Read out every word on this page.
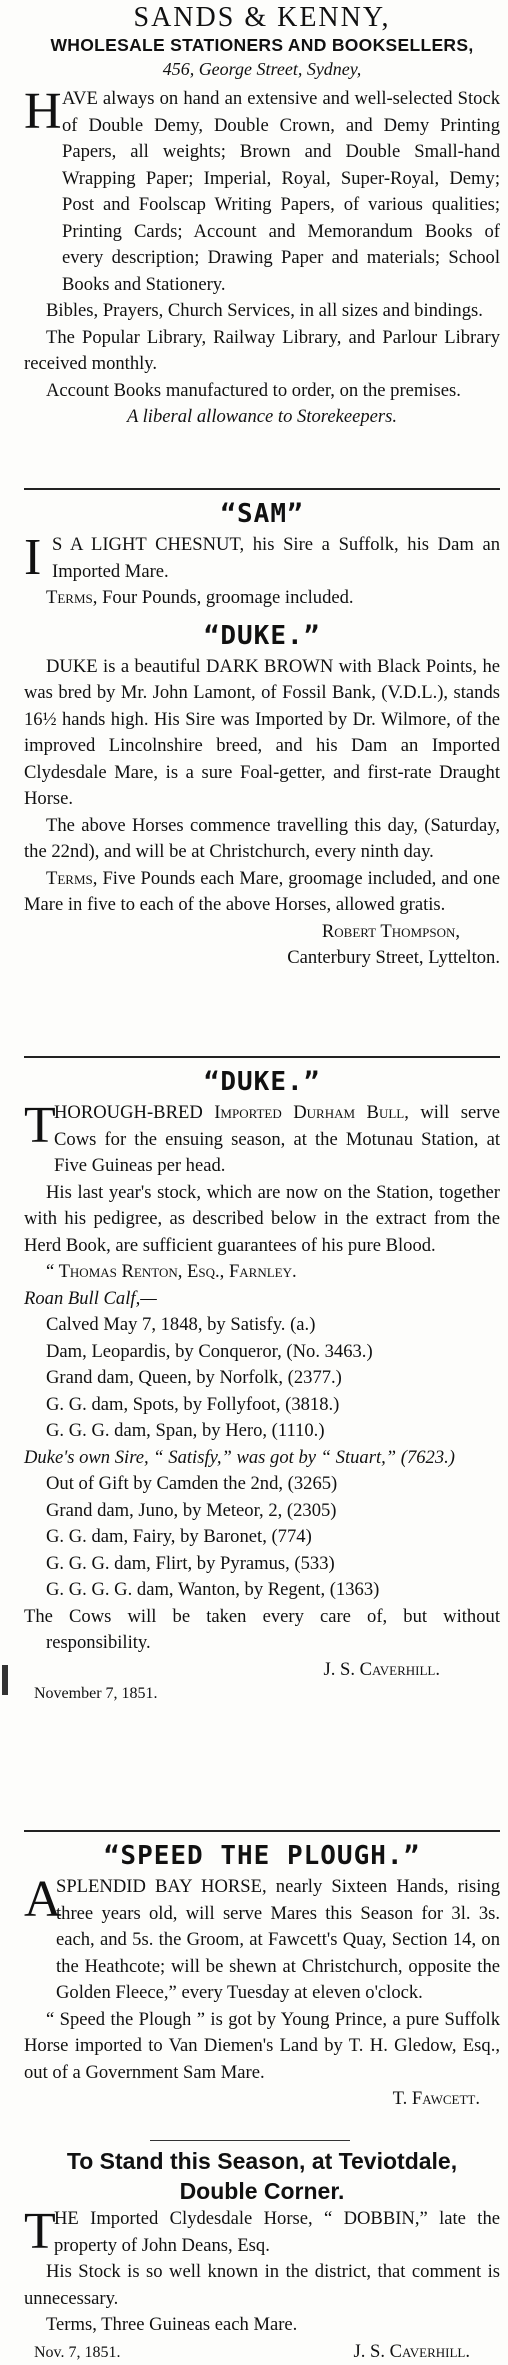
SANDS & KENNY,

WHOLESALE STATIONERS AND BOOKSELLERS,

456, George Street, Sydney,

H AVE always on hand an extensive and well-selected Stock of Double Demy, Double Crown, and Demy Printing Papers, all weights; Brown and Double Small-hand Wrapping Paper; Imperial, Royal, Super-Royal, Demy; Post and Foolscap Writing Papers, of various qualities; Printing Cards; Account and Memorandum Books of every description; Drawing Paper and materials; School Books and Stationery.

Bibles, Prayers, Church Services, in all sizes and bindings.

The Popular Library, Railway Library, and Parlour Library received monthly.

Account Books manufactured to order, on the premises.

A liberal allowance to Storekeepers.

“SAM”

I S A LIGHT CHESNUT, his Sire a Suffolk, his Dam an Imported Mare.

Terms, Four Pounds, groomage included.

“DUKE.”

DUKE is a beautiful DARK BROWN with Black Points, he was bred by Mr. John Lamont, of Fossil Bank, (V.D.L.), stands 16½ hands high. His Sire was Imported by Dr. Wilmore, of the improved Lincolnshire breed, and his Dam an Imported Clydesdale Mare, is a sure Foal-getter, and first-rate Draught Horse.

The above Horses commence travelling this day, (Saturday, the 22nd), and will be at Christchurch, every ninth day.

Terms, Five Pounds each Mare, groomage included, and one Mare in five to each of the above Horses, allowed gratis.

Robert Thompson,

Canterbury Street, Lyttelton.

“DUKE.”

T
HOROUGH-BRED Imported Durham Bull, will serve Cows for the ensuing season, at the Motunau Station, at Five Guineas per head.

His last year's stock, which are now on the Station, together with his pedigree, as described below in the extract from the Herd Book, are sufficient guarantees of his pure Blood.

“ Thomas Renton, Esq., Farnley.

Roan Bull Calf,—

Calved May 7, 1848, by Satisfy. (a.)

Dam, Leopardis, by Conqueror, (No. 3463.)

Grand dam, Queen, by Norfolk, (2377.)

G. G. dam, Spots, by Follyfoot, (3818.)

G. G. G. dam, Span, by Hero, (1110.)

Duke's own Sire, “ Satisfy,” was got by “ Stuart,” (7623.)

Out of Gift by Camden the 2nd, (3265)

Grand dam, Juno, by Meteor, 2, (2305)

G. G. dam, Fairy, by Baronet, (774)

G. G. G. dam, Flirt, by Pyramus, (533)

G. G. G. G. dam, Wanton, by Regent, (1363)

The Cows will be taken every care of, but without responsibility.

J. S. Caverhill.

November 7, 1851.

“SPEED THE PLOUGH.”

A
SPLENDID BAY HORSE, nearly Sixteen Hands, rising three years old, will serve Mares this Season for 3l. 3s. each, and 5s. the Groom, at Fawcett's Quay, Section 14, on the Heathcote; will be shewn at Christchurch, opposite the Golden Fleece,” every Tuesday at eleven o'clock.

“ Speed the Plough ” is got by Young Prince, a pure Suffolk Horse imported to Van Diemen's Land by T. H. Gledow, Esq., out of a Government Sam Mare.

T. Fawcett.

To Stand this Season, at Teviotdale,

Double Corner.

T
HE Imported Clydesdale Horse, “ DOBBIN,” late the property of John Deans, Esq.

His Stock is so well known in the district, that comment is unnecessary.

Terms, Three Guineas each Mare.

Nov. 7, 1851.	J. S. Caverhill.
